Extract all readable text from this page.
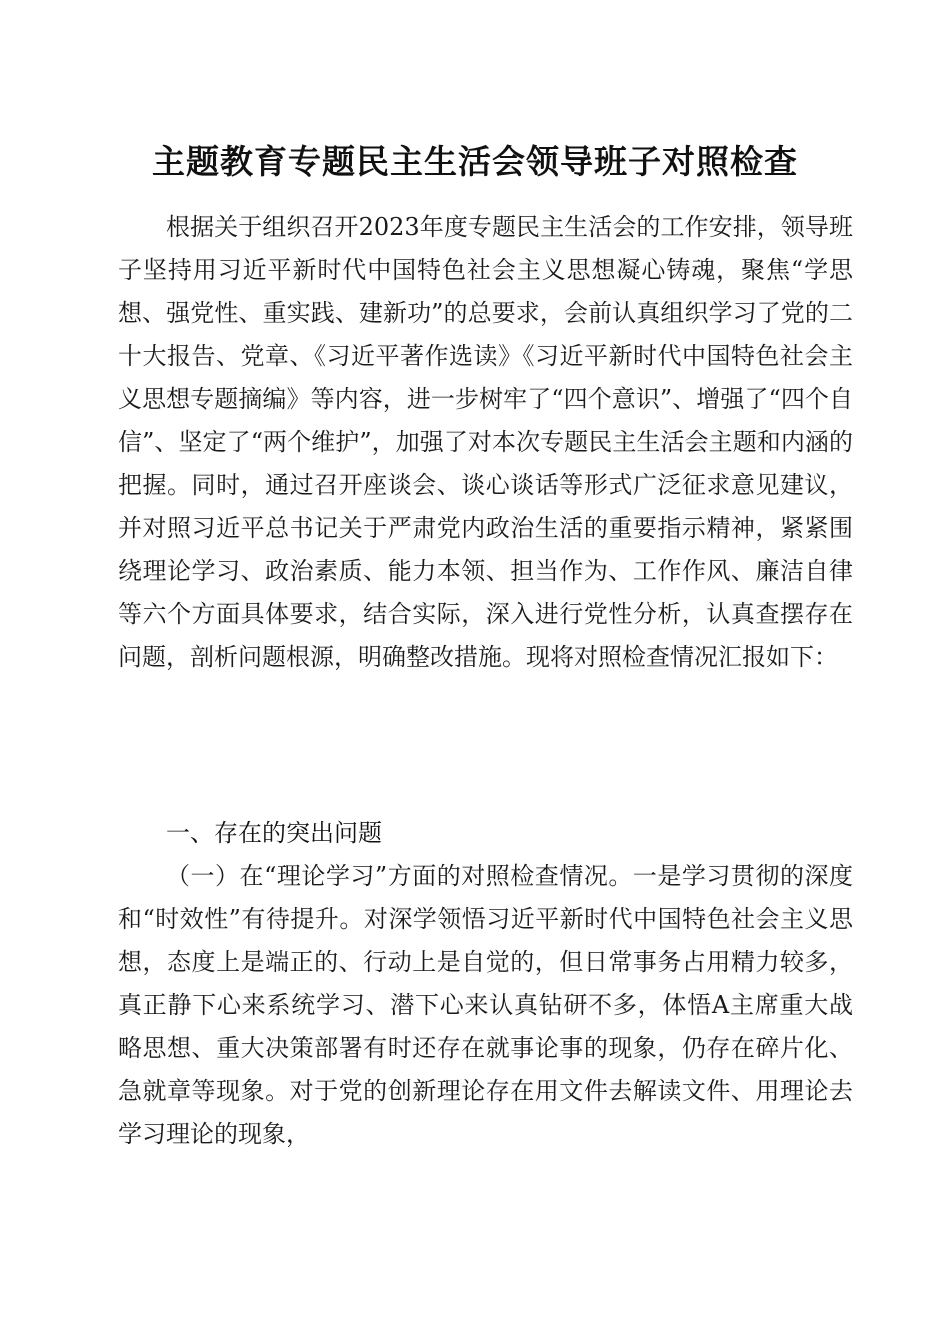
主题教育专题民主生活会领导班子对照检查

根据关于组织召开2023年度专题民主生活会的工作安排，领导班子坚持用习近平新时代中国特色社会主义思想凝心铸魂，聚焦“学思想、强党性、重实践、建新功”的总要求，会前认真组织学习了党的二十大报告、党章、《习近平著作选读》《习近平新时代中国特色社会主义思想专题摘编》等内容，进一步树牢了“四个意识”、增强了“四个自信”、坚定了“两个维护”，加强了对本次专题民主生活会主题和内涵的把握。同时，通过召开座谈会、谈心谈话等形式广泛征求意见建议，并对照习近平总书记关于严肃党内政治生活的重要指示精神，紧紧围绕理论学习、政治素质、能力本领、担当作为、工作作风、廉洁自律等六个方面具体要求，结合实际，深入进行党性分析，认真查摆存在问题，剖析问题根源，明确整改措施。现将对照检查情况汇报如下：

一、存在的突出问题

（一）在“理论学习”方面的对照检查情况。一是学习贯彻的深度和“时效性”有待提升。对深学领悟习近平新时代中国特色社会主义思想，态度上是端正的、行动上是自觉的，但日常事务占用精力较多，真正静下心来系统学习、潜下心来认真钻研不多，体悟A主席重大战略思想、重大决策部署有时还存在就事论事的现象，仍存在碎片化、急就章等现象。对于党的创新理论存在用文件去解读文件、用理论去学习理论的现象，
